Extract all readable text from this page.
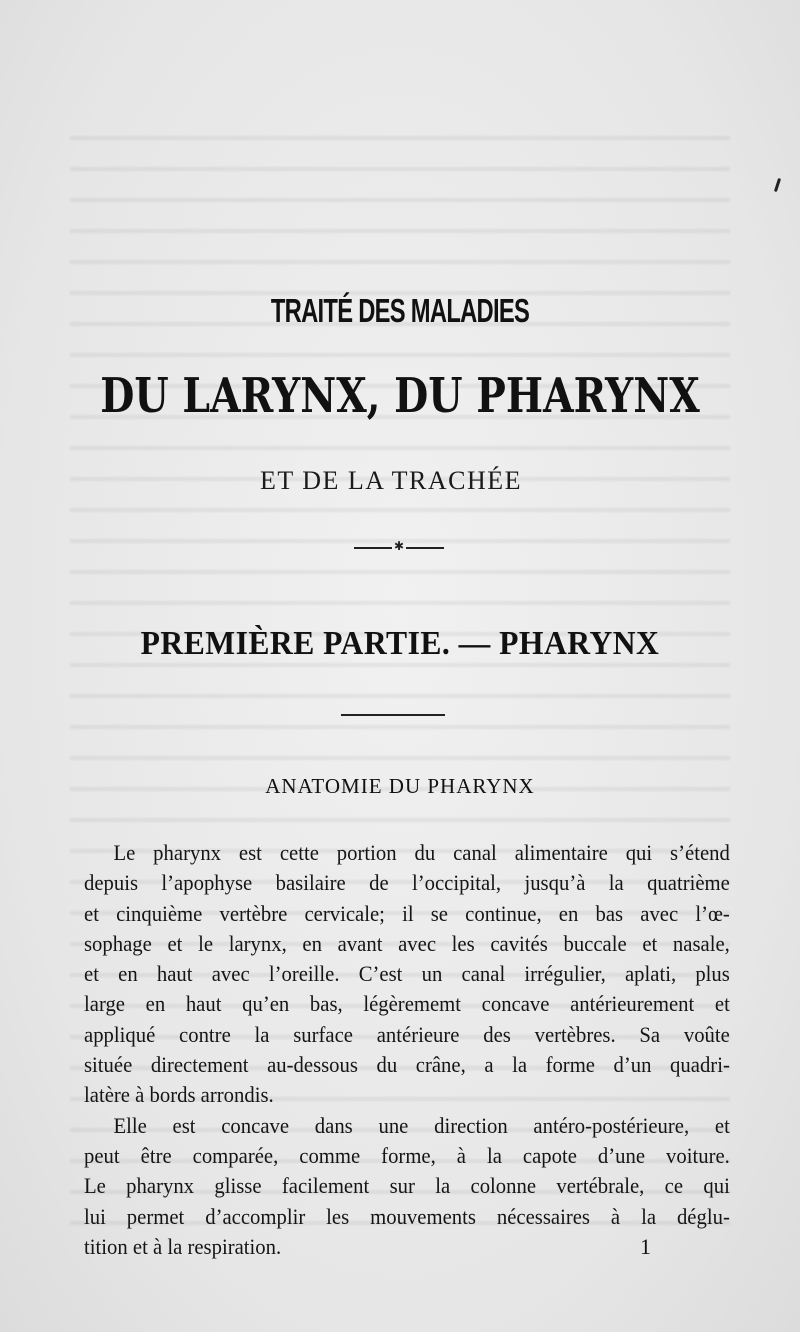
TRAITÉ DES MALADIES
DU LARYNX, DU PHARYNX
ET DE LA TRACHÉE
✱
PREMIÈRE PARTIE. — PHARYNX
ANATOMIE DU PHARYNX
Le pharynx est cette portion du canal alimentaire qui s’étend
depuis l’apophyse basilaire de l’occipital, jusqu’à la quatrième
et cinquième vertèbre cervicale; il se continue, en bas avec l’œ-
sophage et le larynx, en avant avec les cavités buccale et nasale,
et en haut avec l’oreille. C’est un canal irrégulier, aplati, plus
large en haut qu’en bas, légèrememt concave antérieurement et
appliqué contre la surface antérieure des vertèbres. Sa voûte
située directement au-dessous du crâne, a la forme d’un quadri-
latère à bords arrondis.
Elle est concave dans une direction antéro-postérieure, et
peut être comparée, comme forme, à la capote d’une voiture.
Le pharynx glisse facilement sur la colonne vertébrale, ce qui
lui permet d’accomplir les mouvements nécessaires à la déglu-
tition et à la respiration.	1
